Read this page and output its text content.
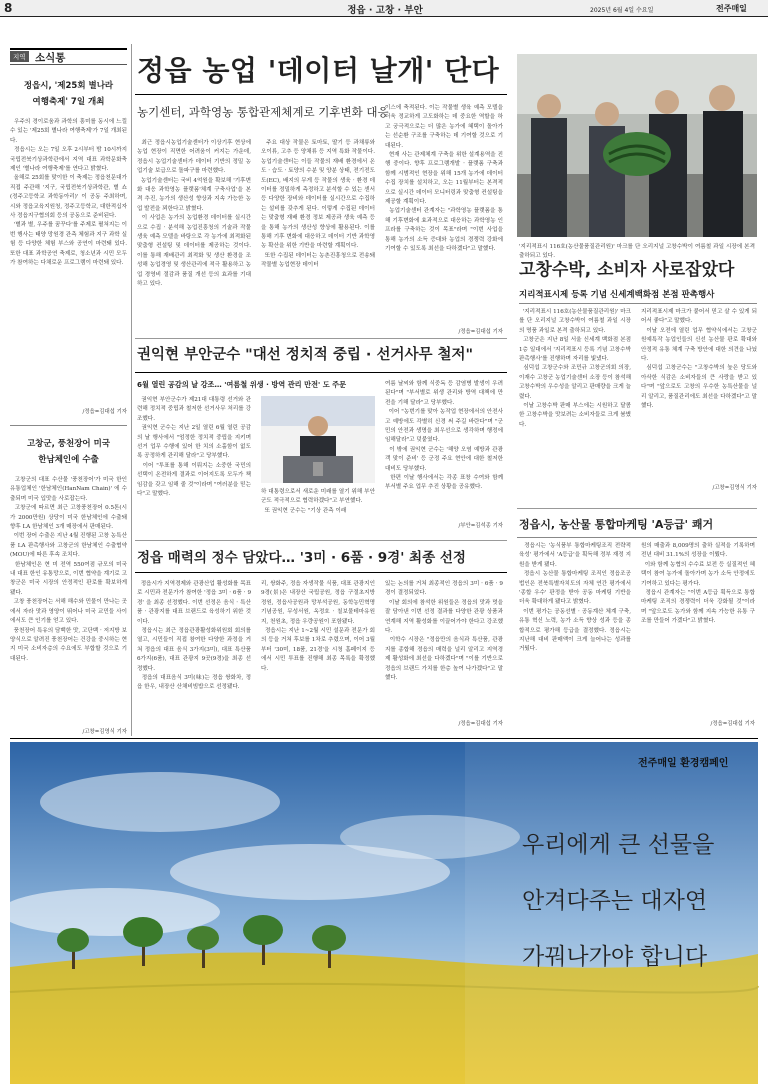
8	정읍 · 고창 · 부안	2025년 6월 4일 수요일	전주매일
지역 소식통
정읍시, '제25회 별나라
여행축제' 7일 개최
우주의 경이로움과 과학의 흥미를 동시에 느낄 수 있는 '제25회 별나라 여행축제'가 7일 개최된다.
정읍시는 오는 7일 오후 2시부터 밤 10시까지 국립전북기상과학관에서 지역 대표 과학문화축제인 '별나라 여행축제'를 연다고 밝혔다.
올해로 25회를 맞이한 이 축제는 정읍천문대가 직접 주관해 '지구, 국립전북기상과학관, 별 쇼(정주고등학교 과학동아리)' 이 공동 주최하며, 시와 정읍교육지원청, 정주고등학교, 대한적십자사 정읍지구협의회 등의 공동으로 준비된다.
'별과 별, 우주를 꿈꾸다'를 주제로 펼쳐지는 이번 행사는 태양 망원경 관측 체험과 지구 과학 실험 등 다양한 체험 부스와 공연이 마련돼 있다. 또한 대표 과학공연 축제로, 청소년과 시민 모두가 참여하는 다채로운 프로그램이 마련돼 있다.
/정읍=김대섭 기자
고창군, 풍천장어 미국
한남체인에 수출
고창군의 대표 수산물 '풍천장어'가 미국 한인 유통업체인 '한남체인(HanNam Chain)' 에 수출되며 미국 입맛을 사로잡는다.
고창군에 따르면 최근 고창풍천장어 0.5톤(시가 2000만원) 상당이 미국 한남체인에 수출돼 향후 LA 한남체인 3개 매장에서 판매된다.
이번 장어 수출은 지난 4월 진행된 고창 농특산품 LA 판촉행사와 고창군의 한남체인 수출협약(MOU)에 따른 후속 조치다.
한남체인은 현 미 전역 550여점 규모의 미국 내 대표 한인 유통망으로, 이번 협약을 계기로 고창군은 미국 시장의 안정적인 판로를 확보하게 됐다.
고창 풍천장어는 서해 해수와 민물이 만나는 곳에서 자라 맛과 영양이 뛰어나 미국 교민들 사이에서도 큰 인기를 얻고 있다.
풍천장어 특유의 담백한 맛, 고단백 · 저지방 보양식으로 알려진 풍천장어는 건강을 중시하는 현지 미국 소비자층의 수요에도 부합할 것으로 기대된다.
/고창=김영식 기자
정읍 농업 '데이터 날개' 단다
농기센터, 과학영농 통합관제체계로 기후변화 대응
최근 정읍시농업기술센터가 이상기후 현상에 농업 현장이 직면한 어려움이 커지는 가운데, 정읍시 농업기술센터가 데이터 기반의 정밀 농업기술 보급으로 돌파구를 마련했다.
농업기술센터는 국비 4억원을 확보해 '기후변화 대응 과학영농 플랫폼'체계 구축사업'을 본격 추진, 농가의 생산성 향상과 지속 가능한 농업 발전을 꾀한다고 밝혔다.
이 사업은 농가의 농업환경 데이터를 실시간으로 수집 · 분석해 농업진흥청의 기술과 작물생육 예측 모델을 바탕으로 각 농가에 최적화된 맞춤형 컨설팅 및 데이터를 제공하는 것이다. 이를 통해 재배관리 최적화 및 생산 환경을 조성해 농업경영 및 생산관리에 적극 활용하고 농업 경영비 절감과 품질 개선 등의 효과를 기대하고 있다.
주요 대상 작물은 토마토, 딸기 등 과채류와 오이류, 고추 등 양채류 등 지역 특화 작물이다. 농업기술센터는 이들 작물의 재배 환경에서 온도 · 습도 · 토양의 수분 및 양분 상태, 전기전도도(EC), 배지의 무게 등 작물의 생육 · 환경 데이터를 정밀하게 측정하고 분석할 수 있는 센서 등 다양한 장비와 데이터를 실시간으로 수집하는 설비를 갖추게 된다. 이렇게 수집된 데이터는 맞춤형 재배 환경 정보 제공과 생육 예측 등을 통해 농가의 생산성 향상에 활용된다. 이를 통해 기후 변화에 대응하고 데이터 기반 과학영농 확산을 위한 기반을 마련할 계획이다.
또한 수집된 데이터는 농촌진흥청으로 전송돼 작물별 농업현장 데이터
이스에 축적된다. 이는 작물별 생육 예측 모델을 더욱 정교하게 고도화하는 데 중요한 역할을 하고 궁극적으로는 더 많은 농가에 혜택이 돌아가는 선순환 구조를 구축하는 데 기여할 것으로 기대된다.
현재 사는 관제체계 구축을 위한 설계용역을 진행 중이다. 향후 프로그램개발 · 플랫폼 구축과 함께 시범적인 현장을 위해 15개 농가에 데이터 수집 장치를 설치하고, 오는 11월부터는 본격적으로 실시간 데이터 모니터링과 맞춤형 컨설팅을 제공할 계획이다.
농업기술센터 관계자는 "과학영농 플랫폼을 통해 기후변화에 효과적으로 대응하는 과학영농 인프라를 구축하는 것이 목표"라며 "이번 사업을 통해 농가의 소득 증대와 농업의 경쟁력 강화에 기여할 수 있도록 최선을 다하겠다"고 말했다.
/정읍=김대섭 기자
'지리적표시 116호(농산물품질관리원)' 마크를 단 오리지널 고창수박이 여름철 과일 시장에 본격 출하되고 있다.
고창수박, 소비자 사로잡았다
지리적표시제 등록 기념 신세계백화점 본점 판촉행사
'지리적표시 116호(농산물품질관리원)' 마크를 단 오리지널 고창수박이 여름철 과일 시장의 명품 과일로 본격 출하되고 있다.
고창군은 지난 8일 서울 신세계 백화점 본점 1층 일대에서 '지리적표시 등록 기념 고창수박 판촉행사'를 진행하며 자리를 빛냈다.
심덕섭 고창군수와 조민규 고창군의회 의장, 이재수 고창군 농업기술센터 소장 등이 참석해 고창수박의 우수성을 알리고 판매량을 크게 늘렸다.
이날 고창수박 판매 부스에는 시원하고 달콤한 고창수박을 맛보려는 소비자들로 크게 붐볐다.
지리적표시제 마크가 붙어서 믿고 살 수 있게 되어서 좋다"고 말했다.
이날 오전에 열린 업무 협약식에서는 고창군 원예특작 농업인들의 신선 농산물 판로 확대와 안정적 유통 체계 구축 방안에 대한 의견을 나눴다.
심덕섭 고창군수는 "고창수박의 높은 당도와 아삭한 식감은 소비자들의 큰 사랑을 받고 있다"며 "앞으로도 고창의 우수한 농특산물을 널리 알리고, 품질관리에도 최선을 다하겠다"고 말했다.
/고창=김영식 기자
권익현 부안군수 "대선 정치적 중립 · 선거사무 철저"
6월 열린 공감의 날 강조… '여름철 위생 · 방역 관리 만전' 도 주문
권익현 부안군수가 제21대 대통령 선거와 관련해 정치적 중립과 철저한 선거사무 처리를 강조했다.
권익현 군수는 지난 2일 열린 6월 열린 공감의 날 행사에서 "엄정한 정치적 중립을 지키며 선거 업무 수행에 있어 한 치의 소홀함이 없도록 공정하게 관리해 달라"고 당부했다.
이어 "투표를 통해 이뤄지는 소중한 국민의 선택이 온전하게 결과로 이어지도록 모두가 책임감을 갖고 임해 줄 것"이라며 "여러분을 믿는다"고 말했다.	하 대통령으로서 새로운 미래를 열기 위해 부안군도 적극적으로 협력하겠다"고 부연했다.
또 권익현 군수는 "기상 관측 이래
여름 날씨와 함께 식중독 등 감염병 발생이 우려된다"며 "부서별로 위생 관리와 방역 대책에 만전을 기해 달라"고 당부했다.
이어 "농번기를 맞아 농작업 현장에서의 안전사고 예방에도 각별히 신경 써 주길 바란다"며 "군민의 안전과 생명을 최우선으로 생각하며 행정에 임해달라"고 덧붙였다.
이 밖에 권익현 군수는 '해양 오염 예방과 관광객 맞이 준비' 등 군정 주요 현안에 대한 철저한 대비도 당부했다.
한편 이날 행사에서는 각종 표창 수여와 함께 부서별 주요 업무 추진 상황을 공유했다.
/부안=김석종 기자
정읍 매력의 정수 담았다… '3미 · 6품 · 9경' 최종 선정
정읍시가 지역경제와 관광산업 활성화를 목표로 시민과 전문가가 참여한 '정읍 3미 · 6품 · 9경' 을 최종 선정했다. 이번 선정은 음식 · 특산품 · 관광지를 대표 브랜드로 육성하기 위한 것이다.
정읍시는 최근 정읍관광활성화위원회 회의를 열고, 시민들이 직접 참여한 다양한 과정을 거쳐 정읍의 대표 음식 3가지(3미), 대표 특산품 6가지(6품), 대표 관광지 9곳(9경)을 최종 선정했다.
정읍의 대표음식 3미(味)는 정읍 쌍화차, 정읍 한우, 내장산 산채비빔밥으로 선정됐다.
리, 쌍화주, 정읍 자생작물 식품, 대표 관광지인 9경(景)은 내장산 국립공원, 정읍 구절초지방정원, 정읍사공원과 망부석공원, 동학농민혁명기념공원, 무성서원, 옥정호 · 칠보물테마유원지, 천원초, 정읍 우량공원이 포함됐다.
정읍시는 지난 1~2월 시민 설문과 전문가 회의 등을 거쳐 후보를 1차로 추렸으며, 이어 3월부터 '30미, 18품, 21경'을 시청 홈페이지 등에서 시민 투표를 진행해 최종 목록을 확정했다.
있는 논의를 거쳐 최종적인 정읍의 3미 · 6품 · 9경이 결정되었다.
이날 회의에 참석한 위원들은 정읍의 맛과 멋을 잘 담아낸 이번 선정 결과를 다양한 관광 상품과 연계해 지역 활성화를 이끌어가야 한다고 강조했다.
이학수 시장은 "정읍만의 음식과 특산품, 관광지를 종합해 정읍의 매력을 널리 알리고 지역경제 활성화에 최선을 다하겠다"며 "이를 기반으로 정읍의 브랜드 가치를 한층 높여 나가겠다"고 말했다.
/정읍=김대섭 기자
정읍시, 농산물 통합마케팅 'A등급' 쾌거
정읍시는 '농식품부 통합마케팅조직 전략적 육성' 평가에서 'A등급'을 획득해 정부 재정 지원을 받게 됐다.
정읍시 농산물 통합마케팅 조직인 정읍조공법인은 전북특별자치도의 자체 연간 평가에서 '종합 우수' 판정을 받아 공동 마케팅 기반을 더욱 확대하게 됐다고 밝혔다.
이번 평가는 공동선별 · 공동계산 체계 구축, 유통 혁신 노력, 농가 소득 향상 성과 등을 종합적으로 평가해 등급을 결정했다. 정읍시는 지난해 대비 판매액이 크게 늘어나는 성과를 거뒀다.
원의 매출과 8,009명의 출하 실적을 기록하며 전년 대비 31.1%의 성장을 이뤘다.
이와 함께 농협의 수수료 보전 등 실질적인 혜택이 참여 농가에 돌아가며 농가 소득 안정에도 기여하고 있다는 평가다.
정읍시 관계자는 "이번 A등급 획득으로 통합마케팅 조직의 경쟁력이 더욱 강화될 것"이라며 "앞으로도 농가와 함께 지속 가능한 유통 구조를 만들어 가겠다"고 밝혔다.
/정읍=김대섭 기자
전주매일 환경캠페인
우리에게 큰 선물을
안겨다주는 대자연
가꿔나가야 합니다
